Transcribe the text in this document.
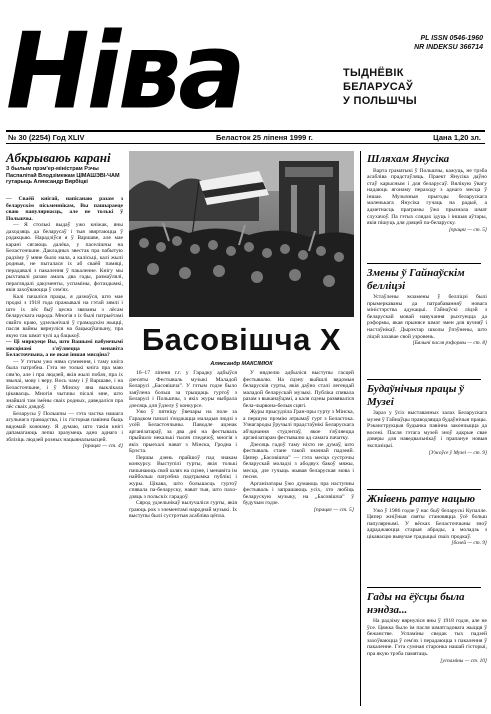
Ніва	PL ISSN 0546-1960
NR INDEKSU 366714
ТЫДНЁВІК
БЕЛАРУСАЎ
У ПОЛЬШЧЫ
№ 30 (2254) Год XLIV	Беласток 25 ліпеня 1999 г.	Цана 1,20 зл.
Абкрываюь карані
З былым прэм'ер-міністрам Рэчы Паспалітай Влодзімежам ЦІМАШЭВІ-ЧАМ гутарыць Аляксандр Вярбіцкі

— Сваёй кнігай, напісанаю разам з беларускім пісьменнікам, Вы пашыраеце сваю папулярнасць, але не толькі ў Польшчы.

— Я столькі выдаў ужо кніжак, яны даходзяць да беларусаў і тыя звяртаюцца ў рэдакцыю. Нарадзіўся я ў Варшаве, але мае карані сягаюць далёка, у паселішчы на Беласточчыне. Дакладных звестак пра пабытую радзіму ў мяне было мала, а калісьці, калі жылі родныя, не пыталася іх аб сваёй памяці, перадавалі з пакалення ў пакаленне. Кнігу мы рыхтавалі разам амаль два гады, размаўлялі, пераглядалі дакументы, успаміны, фотаздымкі, якія захоўваюцца ў сем'ях.

Калі пачаліся працы, я дазнаўся, што мае продкі з 1918 года пражывалі на гэтай зямлі і што іх лёс быў цесна звязаны з лёсам беларускага народа. Многія з іх былі патрыётамі свайго краю, удзельнічалі ў грамадскім жыцці, пасля вайны вярнуліся на бацькаўшчыну, пра якую так шмат чулі ад бацькоў.

— Ці мяркуеце Вы, што Вашымі пабуючымі мясцінамі з'яўляецца менавіта Беласточчына, а не якая іншая мясціна?

— У гэтым ужо няма сумнення, і таму кніга была патрэбна. Гэта не толькі кніга пра маю сям'ю, але і пра людзей, якія жылі побач, пра іх звычаі, мову і веру. Вось чаму і ў Варшаве, і на Беласточчыне, і ў Мінску яна выклікала цікавасць. Многія чытачы пісалі мне, што знайшлі там імёны сваіх родных, даведаліся пра лёс сваіх дзядоў.

Беларусы ў Польшчы — гэта частка нашага агульнага грамадства, і іх гісторыя павінна быць вядомай кожнаму. Я думаю, што такія кнігі дапамагаюць лепш зразумець адно аднаго і зблізіць людзей розных нацыянальнасцей.

[працяг — ст. 4]

Басовішча Х
Аляксандр МАКСІМЮК

16–17 ліпеня г.г. у Гарадку адбыўся дзесяты Фестываль музыкі Маладой Беларусі „Басовішча”. У гэтым годзе было заяўлена больш за трыццаць гуртоў з Беларусі і Польшчы, з якіх журы выбрала дзесяць для ўдзелу ў конкурсе.

Ужо ў пятніцу ўвечары на поле за Гарадком пачалі з'язджацца маладыя людзі з усёй Беласточчыны. Паводле ацэнак арганізатараў, за два дні на фестываль прыйшло некалькі тысяч гледачоў, многія з якіх прыехалі нават з Мінска, Гродна і Брэста.

Першы дзень прайшоў пад знакам конкурсу. Выступілі гурты, якія толькі пачынаюць свой шлях на сцэне, і менавіта ім найбольш патрэбна падтрымка публікі і журы. Цікава, што большасць гуртоў спявала па-беларуску, нават тыя, што паходзяць з польскіх гарадоў.

Сярод удзельнікаў вылучаліся гурты, якія граюць рок з элементамі народнай музыкі. Іх выступы былі сустрэтыя асабліва цёпла.

У нядзелю адбыліся выступы гасцей фестывалю. На сцэну выйшлі вядомыя беларускія гурты, якія даўно сталі легендай маладой беларускай музыкі. Публіка спявала разам з выканаўцамі, а каля сцэны развяваліся бела-чырвона-белыя сцягі.

Журы прысудзіла Гран-пры гурту з Мінска, а першую прэмію атрымаў гурт з Беластока. Узнагароды ўручылі прадстаўнікі Беларускага аб'яднання студэнтаў, якое з'яўляецца арганізатарам фестывалю ад самага пачатку.

Дзесяць гадоў таму ніхто не думаў, што фестываль стане такой значнай падзеяй. Цяпер „Басовішча” — гэта месца сустрэчы беларускай моладзі з абодвух бакоў мяжы, месца, дзе гучыць жывая беларуская мова і песня.

Арганізатары ўжо думаюць пра наступны фестываль і запрашаюць усіх, хто любіць беларускую музыку, на „Басовішча” ў будучым годзе.

[працяг — ст. 5]

Шляхам Янусіка

Варта граматыкі ў Польшчы, кажуць, не трэба асабліва прадстаўляць. Праект Янусіка даўно стаў карысным і для беларусаў. Вялікую ўвагу надаюць ягонаму пераходу з аднаго месца ў іншае. Музычныя прыгоды беларускага маленькага Янусіка гучаць на радыё, а адметнасць праграмы ўжо прызнала шмат слухачоў. Па гэтых слядах ідуць і іншыя аўтары, якія пішуць для дзяцей па-беларуску.

[працяг — ст. 5]
Змены ў Гайнаўскім белліцэі

Устаўлены экзамены ў белліцэі былі прымеркаваны да патрабаванняў новага міністэрства адукацыі. Гайнаўскі ліцэй з беларускай мовай навучання рыхтуецца да рэформы, якая прынясе шмат змен для вучняў і настаўнікаў. Дырэктар школы ўпэўнены, што ліцэй захавае свой узровень.

[Бялыні пасля рэформы — ст. 8]
Будаўнічыя працы ў Музеі

Зараз у ўсіх выставачных залах Беларускага музея ў Гайнаўцы праводзяцца будаўнічыя працы. Рэканструкцыя будынка павінна закончыцца да восені. Пасля гэтага музей зноў адкрые свае дзверы для наведвальнікаў і прапануе новыя экспазіцыі.

[Ужоўсе ў Музеі — ст. 9]
Жнівень ратуе нацыю

Ужо ў 1986 годзе ў нас быў беларускі Купалле. Цяпер жніўныя святы становяцца ўсё больш папулярнымі. У вёсках Беласточчыны зноў адраджаюцца старыя абрады, а моладзь з цікавасцю вывучае традыцыі сваіх продкаў.

[болей — ст. 9]
Гады на ёўсцы была нэндза...

На радзіму вярнуліся яны ў 1918 годзе, але не ўсе. Цяжка было ім пасля шматгадовага жыцця ў бежанстве. Успаміны сведак тых падзей захоўваюцца ў сем'ях і перадаюцца з пакалення ў пакаленне. Гэта сумная старонка нашай гісторыі, пра якую трэба памятаць.

[успаміны — ст. 10]
